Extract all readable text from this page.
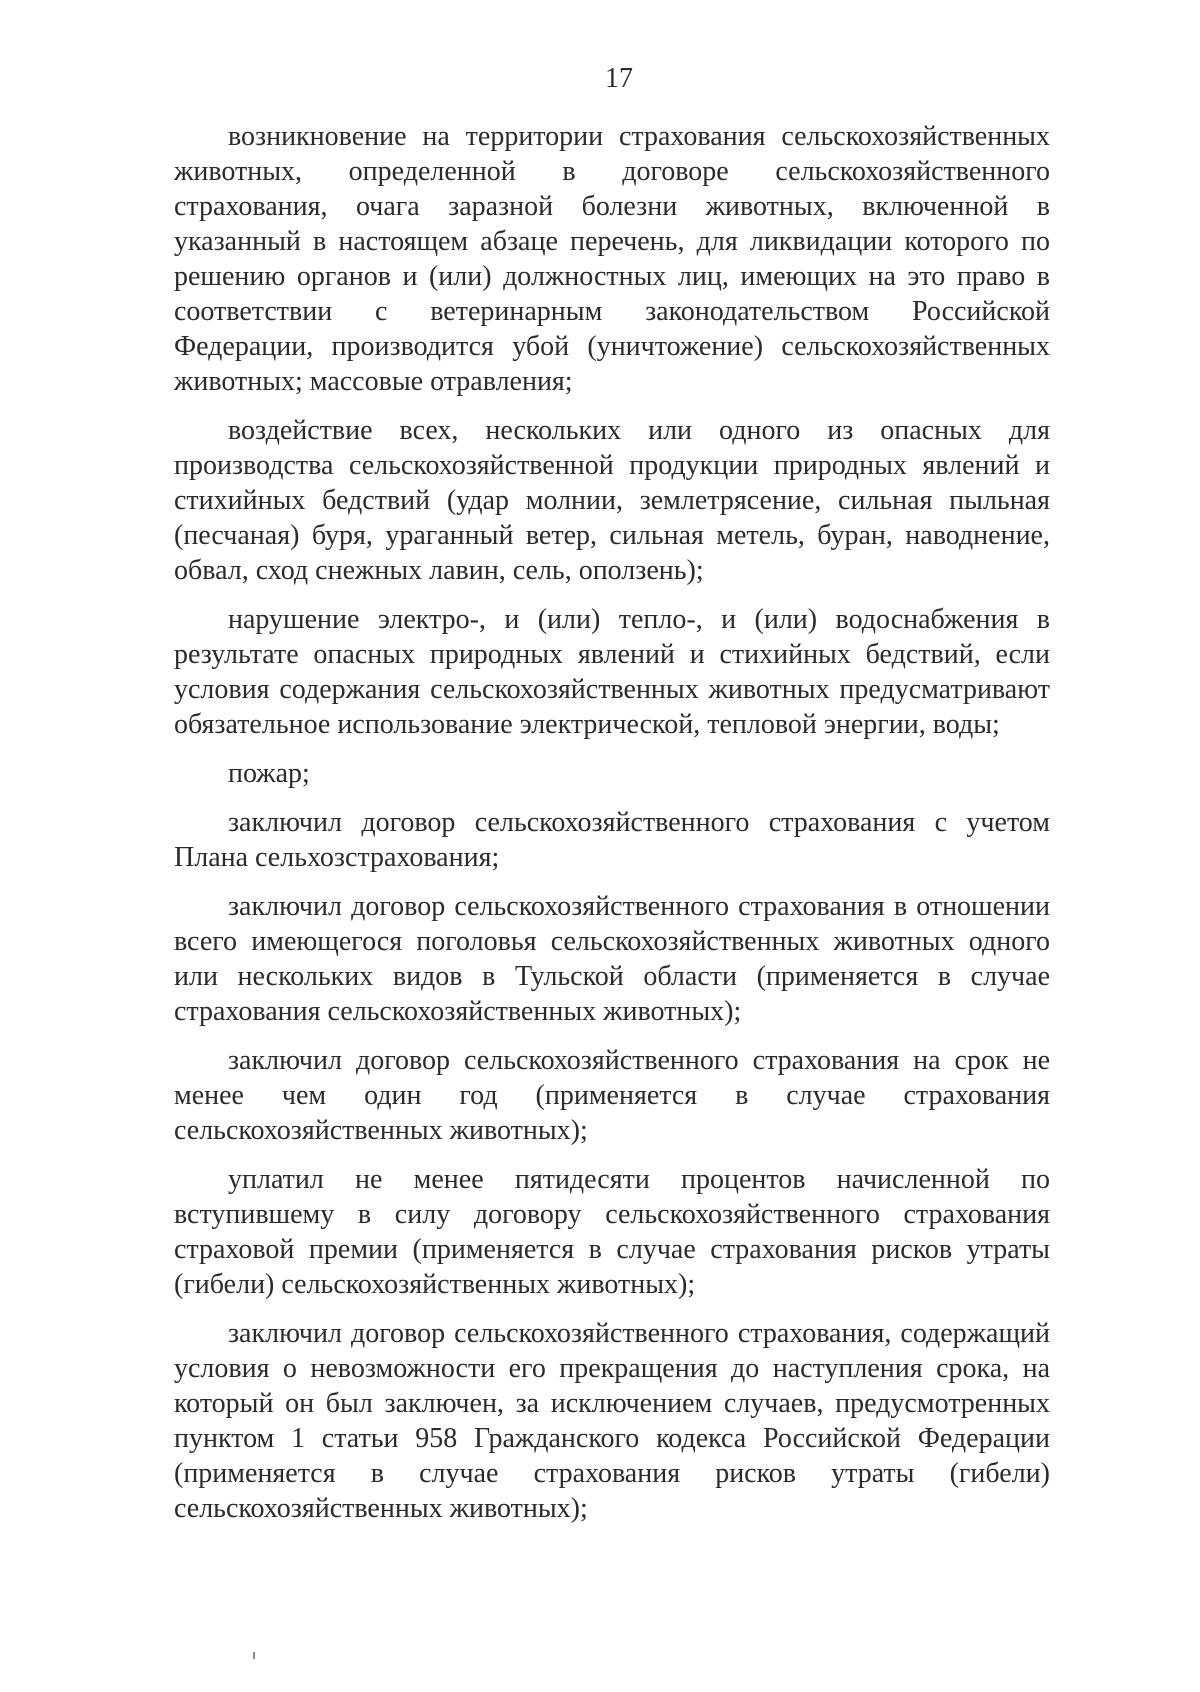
17

возникновение на территории страхования сельскохозяйственных животных, определенной в договоре сельскохозяйственного страхования, очага заразной болезни животных, включенной в указанный в настоящем абзаце перечень, для ликвидации которого по решению органов и (или) должностных лиц, имеющих на это право в соответствии с ветеринарным законодательством Российской Федерации, производится убой (уничтожение) сельскохозяйственных животных; массовые отравления;

воздействие всех, нескольких или одного из опасных для производства сельскохозяйственной продукции природных явлений и стихийных бедствий (удар молнии, землетрясение, сильная пыльная (песчаная) буря, ураганный ветер, сильная метель, буран, наводнение, обвал, сход снежных лавин, сель, оползень);

нарушение электро-, и (или) тепло-, и (или) водоснабжения в результате опасных природных явлений и стихийных бедствий, если условия содержания сельскохозяйственных животных предусматривают обязательное использование электрической, тепловой энергии, воды;

пожар;

заключил договор сельскохозяйственного страхования с учетом Плана сельхозстрахования;

заключил договор сельскохозяйственного страхования в отношении всего имеющегося поголовья сельскохозяйственных животных одного или нескольких видов в Тульской области (применяется в случае страхования сельскохозяйственных животных);

заключил договор сельскохозяйственного страхования на срок не менее чем один год (применяется в случае страхования сельскохозяйственных животных);

уплатил не менее пятидесяти процентов начисленной по вступившему в силу договору сельскохозяйственного страхования страховой премии (применяется в случае страхования рисков утраты (гибели) сельскохозяйственных животных);

заключил договор сельскохозяйственного страхования, содержащий условия о невозможности его прекращения до наступления срока, на который он был заключен, за исключением случаев, предусмотренных пунктом 1 статьи 958 Гражданского кодекса Российской Федерации (применяется в случае страхования рисков утраты (гибели) сельскохозяйственных животных);
